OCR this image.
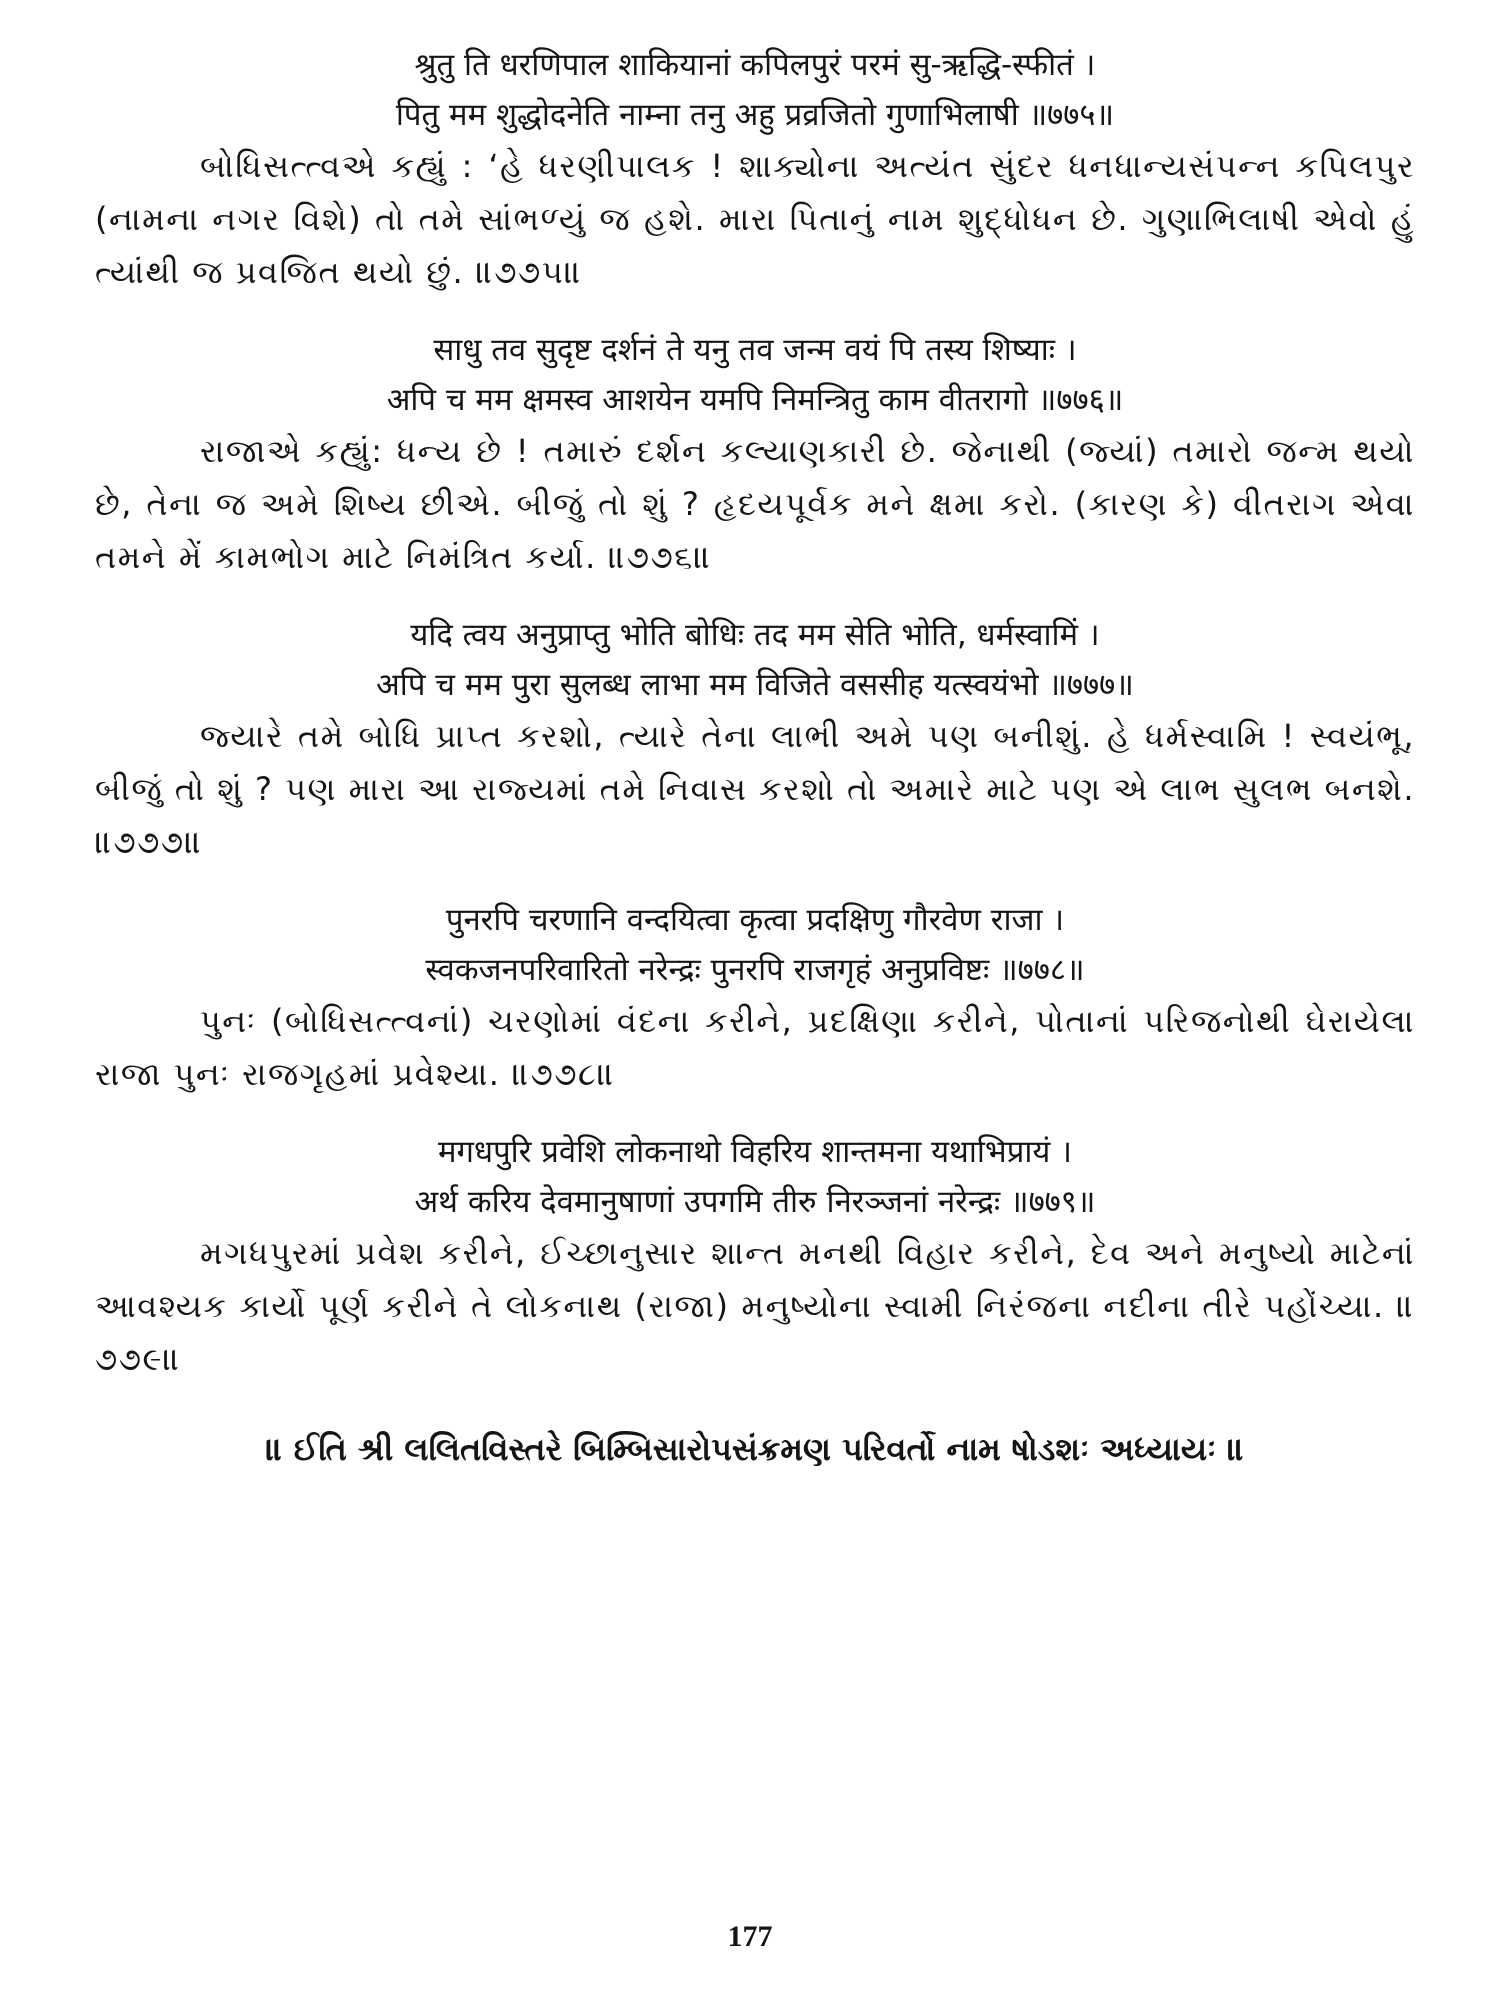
श्रुतु ति धरणिपाल शाकियानां कपिलपुरं परमं सु-ऋद्धि-स्फीतं ।

पितु मम शुद्धोदनेति नाम्ना तनु अहु प्रव्रजितो गुणाभिलाषी ॥७७५॥

બોધિસત્ત્વએ કહ્યું : ‘હે ધરણીપાલક ! શાક્યોના અત્યંત સુંદર ધનધાન્યસંપન્ન કપિલપુર (નામના નગર વિશે) તો તમે સાંભળ્યું જ હશે. મારા પિતાનું નામ શુદ્ધોધન છે. ગુણાભિલાષી એવો હું ત્યાંથી જ પ્રવજિત થયો છું. ॥૭૭૫॥

साधु तव सुदृष्ट दर्शनं ते यनु तव जन्म वयं पि तस्य शिष्याः ।

अपि च मम क्षमस्व आशयेन यमपि निमन्त्रितु काम वीतरागो ॥७७६॥

રાજાએ કહ્યું: ધન્ય છે ! તમારું દર્શન કલ્યાણકારી છે. જેનાથી (જ્યાં) તમારો જન્મ થયો છે, તેના જ અમે શિષ્ય છીએ. બીજું તો શું ? હૃદયપૂર્વક મને ક્ષમા કરો. (કારણ કે) વીતરાગ એવા તમને મેં કામભોગ માટે નિમંત્રિત કર્યા. ॥૭૭૬॥

यदि त्वय अनुप्राप्तु भोति बोधिः तद मम सेति भोति, धर्मस्वामिं ।

अपि च मम पुरा सुलब्ध लाभा मम विजिते वससीह यत्स्वयंभो ॥७७७॥

જ્યારે તમે બોધિ પ્રાપ્ત કરશો, ત્યારે તેના લાભી અમે પણ બનીશું. હે ધર્મસ્વામિ ! સ્વયંભૂ, બીજું તો શું ? પણ મારા આ રાજ્યમાં તમે નિવાસ કરશો તો અમારે માટે પણ એ લાભ સુલભ બનશે. ॥૭૭૭॥

पुनरपि चरणानि वन्दयित्वा कृत्वा प्रदक्षिणु गौरवेण राजा ।

स्वकजनपरिवारितो नरेन्द्रः पुनरपि राजगृहं अनुप्रविष्टः ॥७७८॥

પુનઃ (બોધિસત્ત્વનાં) ચરણોમાં વંદના કરીને, પ્રદક્ષિણા કરીને, પોતાનાં પરિજનોથી ઘેરાયેલા રાજા પુનઃ રાજગૃહમાં પ્રવેશ્યા. ॥૭૭૮॥

मगधपुरि प्रवेशि लोकनाथो विहरिय शान्तमना यथाभिप्रायं ।

अर्थ करिय देवमानुषाणां उपगमि तीरु निरञ्जनां नरेन्द्रः ॥७७९॥

મગધપુરમાં પ્રવેશ કરીને, ઈચ્છાનુસાર શાન્ત મનથી વિહાર કરીને, દેવ અને મનુષ્યો માટેનાં આવશ્યક કાર્યો પૂર્ણ કરીને તે લોકનાથ (રાજા) મનુષ્યોના સ્વામી નિરંજના નદીના તીરે પહોંચ્યા. ॥૭૭૯॥

॥ ઈતિ શ્રી લલિતવિસ્તરે બિમ્બિસારોપસંક્રમણ પરિવર્તો નામ ષોડશઃ અધ્યાયઃ ॥
177
